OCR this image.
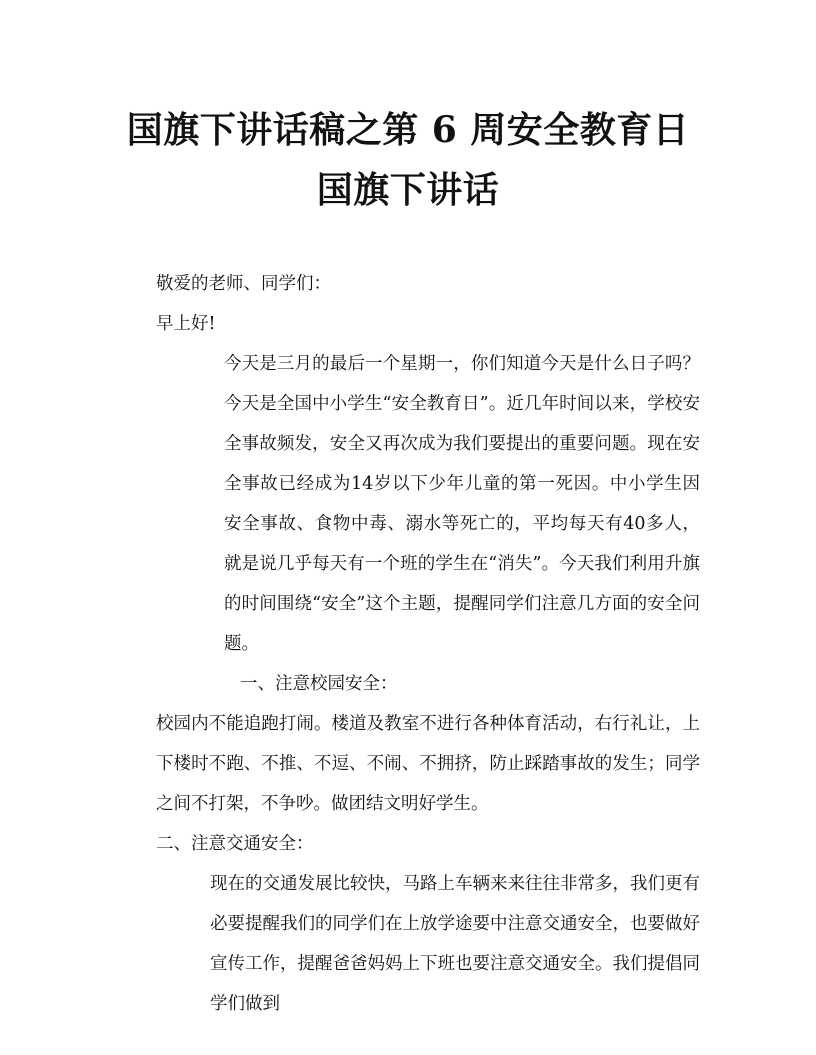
国旗下讲话稿之第 6 周安全教育日国旗下讲话

敬爱的老师、同学们：

早上好!

今天是三月的最后一个星期一，你们知道今天是什么日子吗？今天是全国中小学生“安全教育日”。近几年时间以来，学校安全事故频发，安全又再次成为我们要提出的重要问题。现在安全事故已经成为14岁以下少年儿童的第一死因。中小学生因安全事故、食物中毒、溺水等死亡的，平均每天有40多人，就是说几乎每天有一个班的学生在“消失”。今天我们利用升旗的时间围绕“安全”这个主题，提醒同学们注意几方面的安全问题。

一、注意校园安全：

校园内不能追跑打闹。楼道及教室不进行各种体育活动，右行礼让，上下楼时不跑、不推、不逗、不闹、不拥挤，防止踩踏事故的发生；同学之间不打架，不争吵。做团结文明好学生。

二、注意交通安全：

现在的交通发展比较快，马路上车辆来来往往非常多，我们更有必要提醒我们的同学们在上放学途要中注意交通安全，也要做好宣传工作，提醒爸爸妈妈上下班也要注意交通安全。我们提倡同学们做到
